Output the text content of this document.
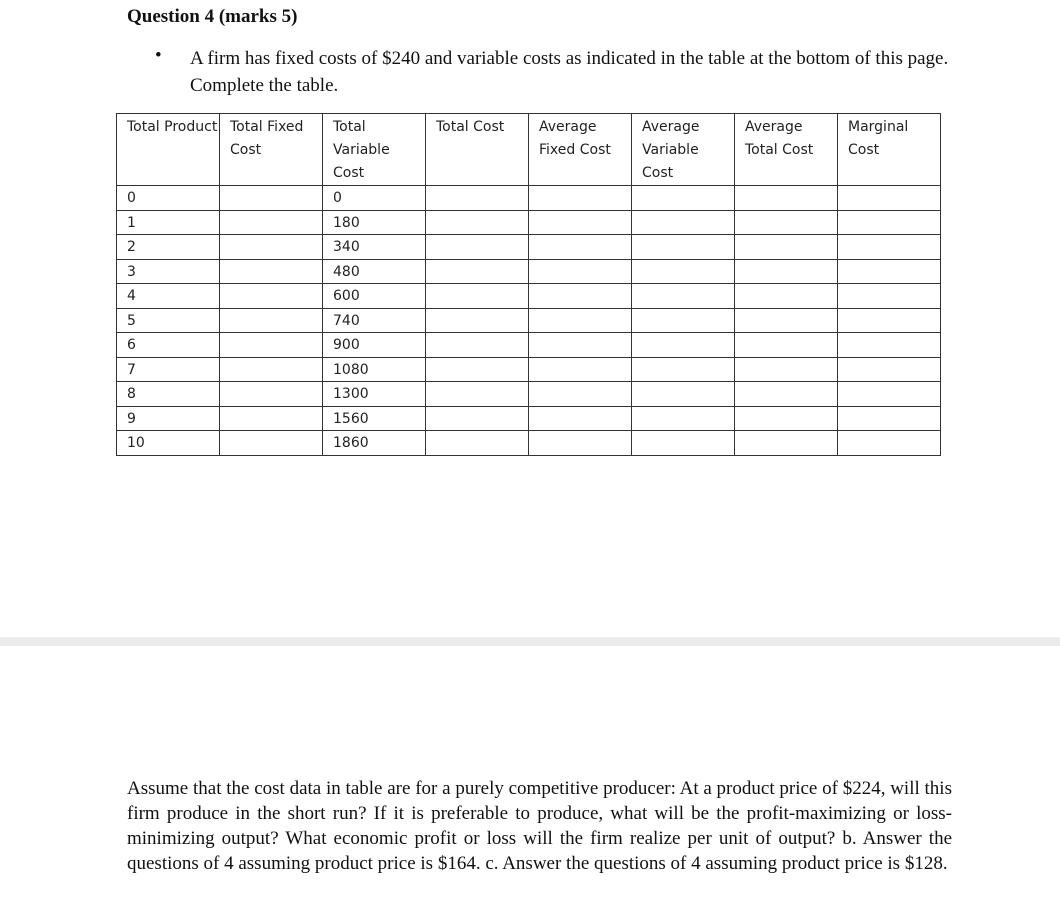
Question 4 (marks 5)
• A firm has fixed costs of $240 and variable costs as indicated in the table at the bottom of this page. Complete the table.
Total Product	Total Fixed Cost	Total Variable Cost	Total Cost	Average Fixed Cost	Average Variable Cost	Average Total Cost	Marginal Cost
0		0					
1		180					
2		340					
3		480					
4		600					
5		740					
6		900					
7		1080					
8		1300					
9		1560					
10		1860					
Assume that the cost data in table are for a purely competitive producer: At a product price of $224, will this firm produce in the short run? If it is preferable to produce, what will be the profit-maximizing or loss-minimizing output? What economic profit or loss will the firm realize per unit of output? b. Answer the questions of 4 assuming product price is $164. c. Answer the questions of 4 assuming product price is $128.
